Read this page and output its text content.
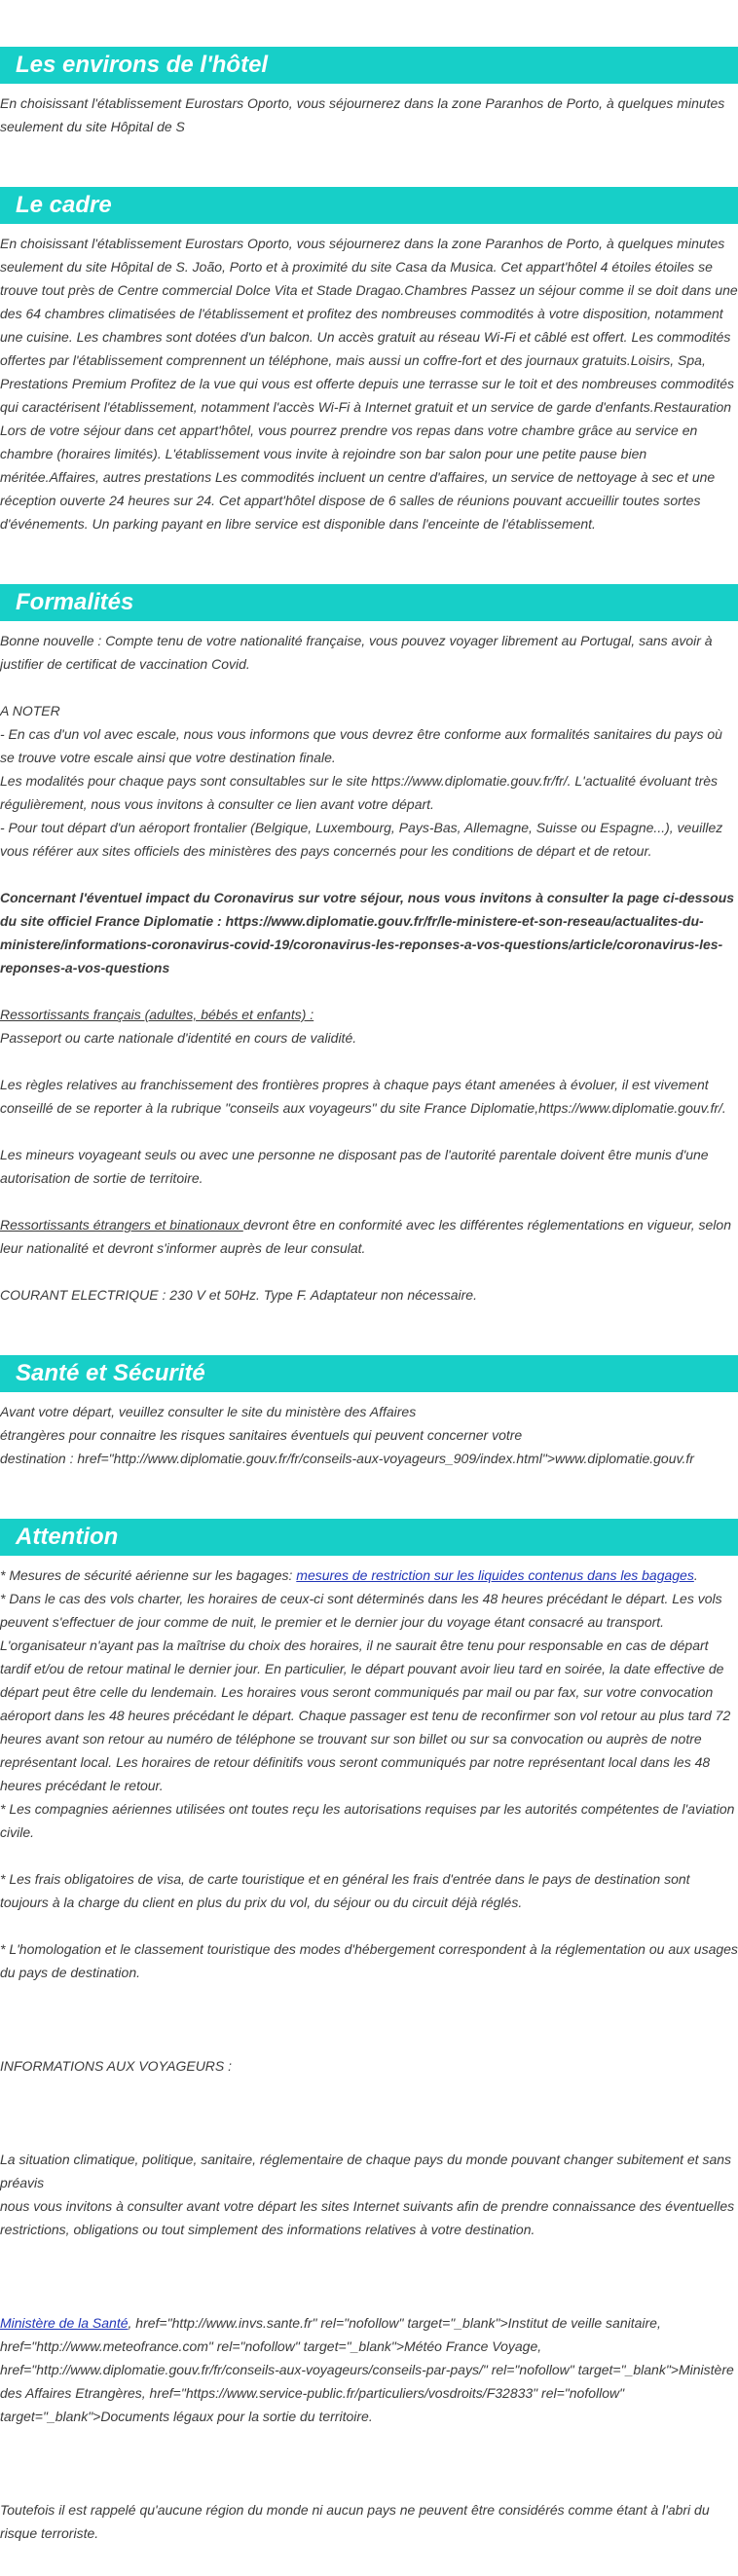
Les environs de l'hôtel

En choisissant l'établissement Eurostars Oporto, vous séjournerez dans la zone Paranhos de Porto, à quelques minutes seulement du site Hôpital de S

Le cadre

En choisissant l'établissement Eurostars Oporto, vous séjournerez dans la zone Paranhos de Porto, à quelques minutes seulement du site Hôpital de S. João, Porto et à proximité du site Casa da Musica. Cet appart'hôtel 4 étoiles étoiles se trouve tout près de Centre commercial Dolce Vita et Stade Dragao.Chambres Passez un séjour comme il se doit dans une des 64 chambres climatisées de l'établissement et profitez des nombreuses commodités à votre disposition, notamment une cuisine. Les chambres sont dotées d'un balcon. Un accès gratuit au réseau Wi-Fi et câblé est offert. Les commodités offertes par l'établissement comprennent un téléphone, mais aussi un coffre-fort et des journaux gratuits.Loisirs, Spa, Prestations Premium Profitez de la vue qui vous est offerte depuis une terrasse sur le toit et des nombreuses commodités qui caractérisent l'établissement, notamment l'accès Wi-Fi à Internet gratuit et un service de garde d'enfants.Restauration Lors de votre séjour dans cet appart'hôtel, vous pourrez prendre vos repas dans votre chambre grâce au service en chambre (horaires limités). L'établissement vous invite à rejoindre son bar salon pour une petite pause bien méritée.Affaires, autres prestations Les commodités incluent un centre d'affaires, un service de nettoyage à sec et une réception ouverte 24 heures sur 24. Cet appart'hôtel dispose de 6 salles de réunions pouvant accueillir toutes sortes d'événements. Un parking payant en libre service est disponible dans l'enceinte de l'établissement.

Formalités

Bonne nouvelle : Compte tenu de votre nationalité française, vous pouvez voyager librement au Portugal, sans avoir à justifier de certificat de vaccination Covid.

A NOTER

- En cas d'un vol avec escale, nous vous informons que vous devrez être conforme aux formalités sanitaires du pays où se trouve votre escale ainsi que votre destination finale.

Les modalités pour chaque pays sont consultables sur le site https://www.diplomatie.gouv.fr/fr/. L'actualité évoluant très régulièrement, nous vous invitons à consulter ce lien avant votre départ.

- Pour tout départ d'un aéroport frontalier (Belgique, Luxembourg, Pays-Bas, Allemagne, Suisse ou Espagne...), veuillez vous référer aux sites officiels des ministères des pays concernés pour les conditions de départ et de retour.

Concernant l'éventuel impact du Coronavirus sur votre séjour, nous vous invitons à consulter la page ci-dessous du site officiel France Diplomatie : https://www.diplomatie.gouv.fr/fr/le-ministere-et-son-reseau/actualites-du-ministere/informations-coronavirus-covid-19/coronavirus-les-reponses-a-vos-questions/article/coronavirus-les-reponses-a-vos-questions

Ressortissants français (adultes, bébés et enfants) :

Passeport ou carte nationale d'identité en cours de validité.

Les règles relatives au franchissement des frontières propres à chaque pays étant amenées à évoluer, il est vivement conseillé de se reporter à la rubrique "conseils aux voyageurs" du site France Diplomatie,https://www.diplomatie.gouv.fr/.

Les mineurs voyageant seuls ou avec une personne ne disposant pas de l'autorité parentale doivent être munis d'une autorisation de sortie de territoire.

Ressortissants étrangers et binationaux devront être en conformité avec les différentes réglementations en vigueur, selon leur nationalité et devront s'informer auprès de leur consulat.

COURANT ELECTRIQUE : 230 V et 50Hz. Type F. Adaptateur non nécessaire.

Santé et Sécurité

Avant votre départ, veuillez consulter le site du ministère des Affaires

étrangères pour connaitre les risques sanitaires éventuels qui peuvent concerner votre

destination : href="http://www.diplomatie.gouv.fr/fr/conseils-aux-voyageurs_909/index.html">www.diplomatie.gouv.fr

Attention

* Mesures de sécurité aérienne sur les bagages: mesures de restriction sur les liquides contenus dans les bagages.

* Dans le cas des vols charter, les horaires de ceux-ci sont déterminés dans les 48 heures précédant le départ. Les vols peuvent s'effectuer de jour comme de nuit, le premier et le dernier jour du voyage étant consacré au transport. L'organisateur n'ayant pas la maîtrise du choix des horaires, il ne saurait être tenu pour responsable en cas de départ tardif et/ou de retour matinal le dernier jour. En particulier, le départ pouvant avoir lieu tard en soirée, la date effective de départ peut être celle du lendemain. Les horaires vous seront communiqués par mail ou par fax, sur votre convocation aéroport dans les 48 heures précédant le départ. Chaque passager est tenu de reconfirmer son vol retour au plus tard 72 heures avant son retour au numéro de téléphone se trouvant sur son billet ou sur sa convocation ou auprès de notre représentant local. Les horaires de retour définitifs vous seront communiqués par notre représentant local dans les 48 heures précédant le retour.

* Les compagnies aériennes utilisées ont toutes reçu les autorisations requises par les autorités compétentes de l'aviation civile.

* Les frais obligatoires de visa, de carte touristique et en général les frais d'entrée dans le pays de destination sont toujours à la charge du client en plus du prix du vol, du séjour ou du circuit déjà réglés.

* L'homologation et le classement touristique des modes d'hébergement correspondent à la réglementation ou aux usages du pays de destination.

INFORMATIONS AUX VOYAGEURS :

La situation climatique, politique, sanitaire, réglementaire de chaque pays du monde pouvant changer subitement et sans préavis

nous vous invitons à consulter avant votre départ les sites Internet suivants afin de prendre connaissance des éventuelles restrictions, obligations ou tout simplement des informations relatives à votre destination.

Ministère de la Santé, href="http://www.invs.sante.fr" rel="nofollow" target="_blank">Institut de veille sanitaire, href="http://www.meteofrance.com" rel="nofollow" target="_blank">Météo France Voyage, href="http://www.diplomatie.gouv.fr/fr/conseils-aux-voyageurs/conseils-par-pays/" rel="nofollow" target="_blank">Ministère des Affaires Etrangères, href="https://www.service-public.fr/particuliers/vosdroits/F32833" rel="nofollow" target="_blank">Documents légaux pour la sortie du territoire.

Toutefois il est rappelé qu'aucune région du monde ni aucun pays ne peuvent être considérés comme étant à l'abri du risque terroriste.
